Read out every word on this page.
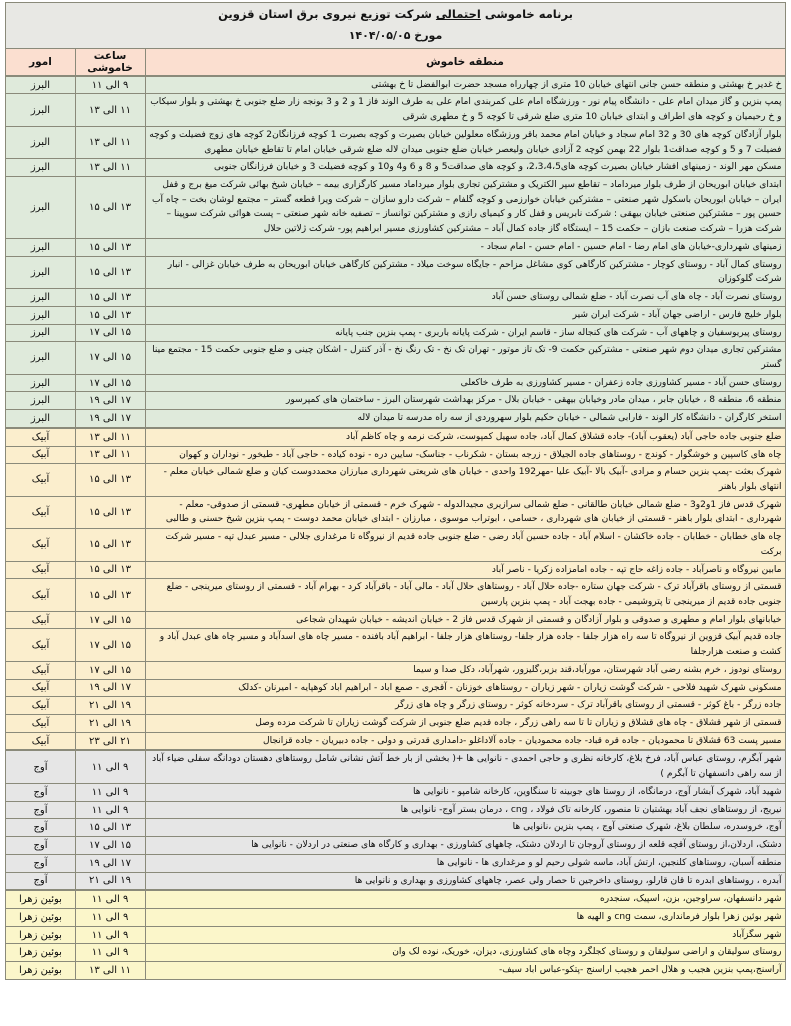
برنامه خاموشی احتمالی شرکت توزیع نیروی برق استان قزوین
مورخ ۱۴۰۴/۰۵/۰۵		

منطقه خاموش	ساعت خاموشی	امور
خ غدیر خ بهشتی و منطقه حسن جانی انتهای خیابان 10 متری از چهارراه مسجد حضرت ابوالفضل تا خ بهشتی	۹ الی ۱۱	البرز
پمپ بنزین و گاز میدان امام علی - دانشگاه پیام نور - ورزشگاه امام علی کمربندی امام علی به طرف الوند فاز 1 و 2 و 3 بونجه زار ضلع جنوبی خ بهشتی و بلوار سیکاب و خ رحیمیان و کوچه های اطراف و ابتدای خیابان 10 متری ضلع شرقی تا کوچه 5 و خ مطهری شرقی	۱۱ الی ۱۳	البرز
بلوار آزادگان کوچه های 30 و 32 امام سجاد و خیابان امام محمد باقر ورزشگاه معلولین خیابان بصیرت و کوچه بصیرت 1 کوچه فرزانگان2 کوچه های زوج فضیلت و کوچه فضیلت 7 و 5 و کوچه صداقت1 بلوار 22 بهمن کوچه 2 آزادی خیابان ولیعصر خیابان ضلع جنوبی میدان لاله ضلع شرقی خیابان امام تا تقاطع خیابان مطهری	۱۱ الی ۱۳	البرز
مسکن مهر الوند - زمینهای افشار خیابان بصیرت کوچه های2،3،4،5، و کوچه های صداقت5 و 8 و 6 و4 و10 و کوچه فضیلت 3 و خیابان فرزانگان جنوبی	۱۱ الی ۱۳	البرز
ابتدای خیابان ابوریحان از طرف بلوار میرداماد – تقاطع سپر الکتریک و مشترکین تجاری بلوار میرداماد مسیر کارگزاری بیمه – خیابان شیخ بهائی شرکت میغ برج و قفل ایران – خیابان ابوریحان باسکول شهر صنعتی – مشترکین خیابان خوارزمی و کوچه گلفام – شرکت دارو سازان – شرکت ویرا قطعه گستر – مجتمع لوشان بخت – چاه آب حسین پور – مشترکین صنعتی خیابان بیهقی : شرکت نابریس و قفل کار و کیمیای رازی و مشترکین توانساز – تصفیه خانه شهر صنعتی – پست هوائی شرکت سوپینا – شرکت هزرا – شرکت صنعت بازان – حکمت 15 – ایستگاه گاز جاده کمال آباد – مشترکین کشاورزی مسیر ابراهیم پور- شرکت ژلاتین حلال	۱۳ الی ۱۵	البرز
زمینهای شهرداری-خیابان های امام رضا - امام حسین - امام حسن - امام سجاد -	۱۳ الی ۱۵	البرز
روستای کمال آباد - روستای کوچار - مشترکین کارگاهی کوی مشاغل مزاحم - جایگاه سوخت میلاد - مشترکین کارگاهی خیابان ابوریحان به طرف خیابان غزالی - انبار شرکت گلوکوزان	۱۳ الی ۱۵	البرز
روستای نصرت آباد - چاه های آب نصرت آباد - ضلع شمالی روستای حسن آباد	۱۳ الی ۱۵	البرز
بلوار خلیج فارس - اراضی جهان آباد - شرکت ایران شیر	۱۳ الی ۱۵	البرز
روستای پیریوسفیان و چاههای آب - شرکت های کنجاله ساز - قاسم ایران - شرکت پایانه باربری - پمپ بنزین جنب پایانه	۱۵ الی ۱۷	البرز
مشترکین تجاری میدان دوم شهر صنعتی - مشترکین حکمت 9- تک تاز موتور - تهران تک نخ - تک رنگ نخ - آذر کنترل - اشکان چینی و ضلع جنوبی حکمت 15 - مجتمع مینا گستر	۱۵ الی ۱۷	البرز
روستای حسن آباد - مسیر کشاورزی جاده زعفران - مسیر کشاورزی به طرف خاکعلی	۱۵ الی ۱۷	البرز
منطقه 6، منطقه 8 ، خیابان جابر ، میدان مادر وخیابان بیهقی - خیابان بلال - مرکز بهداشت شهرستان البرز - ساختمان های کمپرسور	۱۷ الی ۱۹	البرز
استخر کارگران - دانشگاه کار الوند - فارابی شمالی - خیابان حکیم بلوار سهروردی از سه راه مدرسه تا میدان لاله	۱۷ الی ۱۹	البرز
ضلع جنوبی جاده حاجی آباد (یعقوب آباد)- جاده قشلاق کمال آباد، جاده سهیل کمپوست، شرکت نرمه و چاه کاظم آباد	۱۱ الی ۱۳	آبیک
چاه های کاسپین و خوشگوار - کوندج - روستاهای جاده الجیلاق - زرجه بستان - شکرناب - جناسک- سایین دره - نوده کیاده - حاجی آباد - طیخور - نوداران و کهوان	۱۱ الی ۱۳	آبیک
شهرک بعثت -پمپ بنزین حسام و مرادی -آبیک بالا -آبیک علیا -مهر192 واحدی - خیابان های شریعتی شهرداری مبارزان محمددوست کیان و ضلع شمالی خیابان معلم - انتهای بلوار باهنر	۱۳ الی ۱۵	آبیک
شهرک قدس فاز 1و2و3 - ضلع شمالی خیابان طالقانی - ضلع شمالی سرازیری مجیدالدوله - شهرک خرم - قسمتی از خیابان مطهری- قسمتی از صدوقی- معلم - شهرداری - ابتدای بلوار باهنر - قسمتی از خیابان های شهرداری ، حسامی ، ابوتراب موسوی ، مبارزان - ابتدای خیابان محمد دوست - پمپ بنزین شیخ حسنی و طالبی	۱۳ الی ۱۵	آبیک
چاه های خطابان - خطابان - جاده خاکشان - اسلام آباد - جاده حسین آباد رضی - ضلع جنوبی جاده قدیم از نیروگاه تا مرغداری جلالی - مسیر عبدل تپه - مسیر شرکت برکت	۱۳ الی ۱۵	آبیک
مابین نیروگاه و ناصرآباد - جاده زاغه حاج تپه - جاده امامزاده زکریا - ناصر آباد	۱۳ الی ۱۵	آبیک
قسمتی از روستای باقرآباد ترک - شرکت جهان ستاره -جاده حلال آباد - روستاهای حلال آباد - مالی آباد - باقرآباد کرد - بهرام آباد - قسمتی از روستای میرینجی - ضلع جنوبی جاده قدیم از میرینجی تا پتروشیمی - جاده بهجت آباد - پمپ بنزین پارسین	۱۳ الی ۱۵	آبیک
خیابانهای بلوار امام و مطهری و صدوقی و بلوار آزادگان و قسمتی از شهرک قدس فاز 2 - خیابان اندیشه - خیابان شهیدان شجاعی	۱۵ الی ۱۷	آبیک
جاده قدیم آبیک قزوین از نیروگاه تا سه راه هزار جلفا - جاده هزار جلفا- روستاهای هزار جلفا - ابراهیم آباد بافنده - مسیر چاه های اسدآباد و مسیر چاه های عبدل آباد و کشت و صنعت هزارجلفا	۱۵ الی ۱۷	آبیک
روستای نودوز ، خرم بشنه رضی آباد شهرستان، مورآباد،قند بزیر،گلیزور، شهرآباد، دکل صدا و سیما	۱۵ الی ۱۷	آبیک
مسکونی شهرک شهید فلاحی - شرکت گوشت زیاران - شهر زیاران - روستاهای خوزنان - آقجری - صمع اباد - ابراهیم اباد کوهپایه - امیرنان -کدلک	۱۷ الی ۱۹	آبیک
جاده زرگر - باغ کوثر - قسمتی از روستای باقرآباد ترک - سردخانه کوثر - روستای زرگر و چاه های زرگر	۱۹ الی ۲۱	آبیک
قسمتی از شهر قشلاق - چاه های قشلاق و زیاران تا تا سه راهی زرگر ، جاده قدیم ضلع جنوبی از شرکت گوشت زیاران تا شرکت مزده وصل	۱۹ الی ۲۱	آبیک
مسیر پست 63 قشلاق تا محمودیان - جاده قره قباد- جاده محمودیان - جاده آلاداغلو -دامداری قدرتی و دولی - جاده دبیریان - جاده قزانجال	۲۱ الی ۲۳	آبیک
شهر آبگرم، روستای عباس آباد، فرخ بلاغ، کارخانه نظری و حاجی احمدی - نانوایی ها +( بخشی از بار خط آتش نشانی شامل روستاهای دهستان دودانگه سفلی ضیاء آباد از سه راهی دانسفهان تا آبگرم )	۹ الی ۱۱	آوج
شهید آباد، شهرک آبشار آوج، درمانگاه، از روستا های جوبینه تا سنگاوین، کارخانه شامپو - نانوایی ها	۹ الی ۱۱	آوج
نیریج، از روستاهای نجف آباد بهشتیان تا منصور، کارخانه تاک فولاد ، cng ، درمان بستر آوج- نانوایی ها	۹ الی ۱۱	آوج
آوج، خروسدره، سلطان بلاغ، شهرک صنعتی آوج ، پمپ بنزین ،نانوایی ها	۱۳ الی ۱۵	آوج
دشتک، اردلان،از روستای آقچه قلعه از روستای آروجان تا اردلان دشتک، چاههای کشاورزی - بهداری و کارگاه های صنعتی در اردلان - نانوایی ها	۱۵ الی ۱۷	آوج
منطقه آسبان، روستاهای کلنجین، ارتش آباد، ماسه شولی رحیم لو و مرغداری ها - نانوایی ها	۱۷ الی ۱۹	آوج
آبدره ، روستاهای ابدره تا قان قارلو، روستای داخرجین تا حصار ولی عصر، چاههای کشاورزی و بهداری و نانوایی ها	۱۹ الی ۲۱	آوج
شهر دانسفهان، سراوجین، بزن، اسپیک، سنجدره	۹ الی ۱۱	بوئین زهرا
شهر بوئین زهرا بلوار فرمانداری، سمت cng و الهیه ها	۹ الی ۱۱	بوئین زهرا
شهر سگزآباد	۹ الی ۱۱	بوئین زهرا
روستای سولیقان و اراضی سولیقان و روستای کجلگرد وچاه های کشاورزی، دیزان، خوریک، نوده لک وان	۹ الی ۱۱	بوئین زهرا
آراسنج،پمپ بنزین هجیب و هلال احمر هجیب اراسنج -پتکو-عباس اباد سیف-	۱۱ الی ۱۳	بوئین زهرا
